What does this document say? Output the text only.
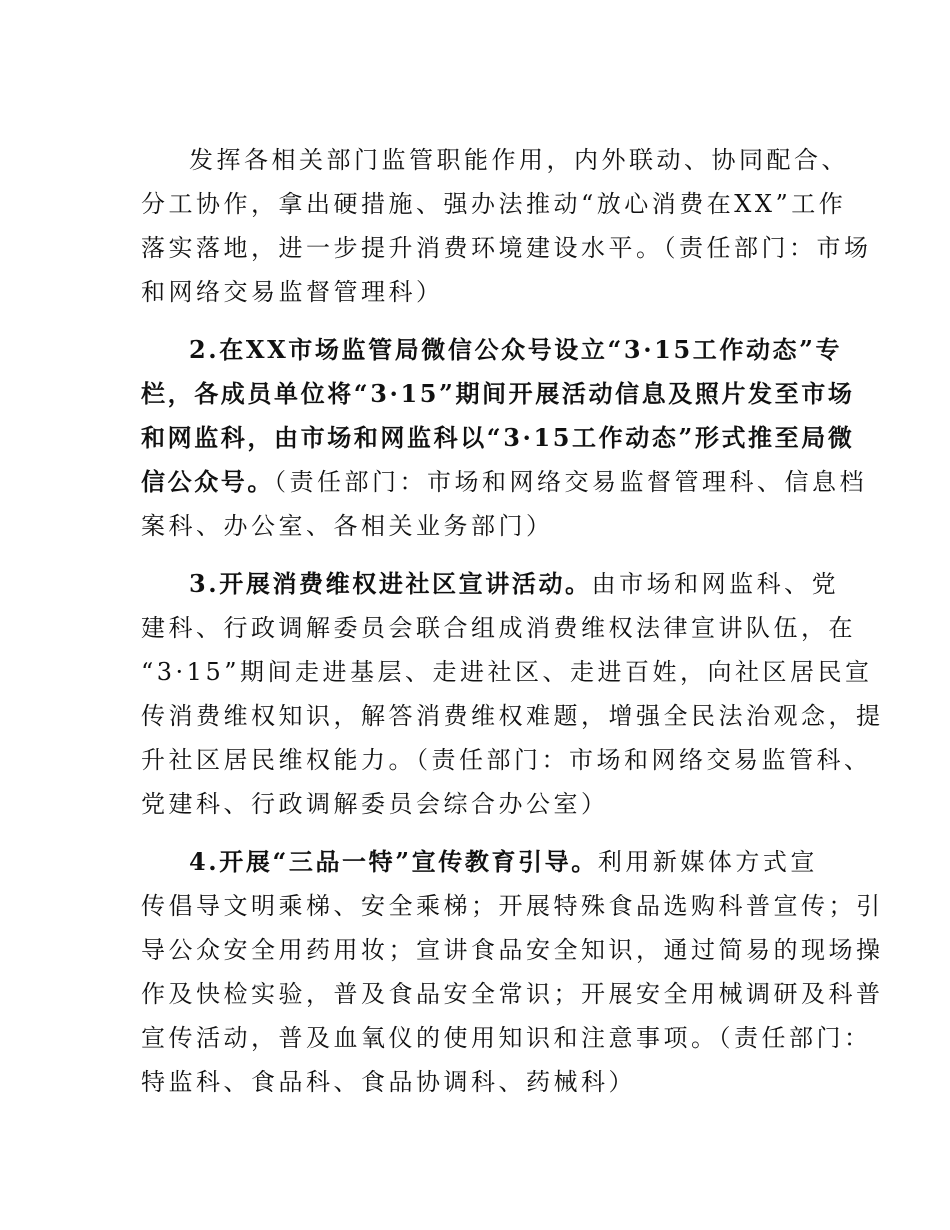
发挥各相关部门监管职能作用，内外联动、协同配合、
分工协作，拿出硬措施、强办法推动“放心消费在XX”工作
落实落地，进一步提升消费环境建设水平。（责任部门：市场
和网络交易监督管理科）
2.在XX市场监管局微信公众号设立“3·15工作动态”专
栏，各成员单位将“3·15”期间开展活动信息及照片发至市场
和网监科，由市场和网监科以“3·15工作动态”形式推至局微
信公众号。（责任部门：市场和网络交易监督管理科、信息档
案科、办公室、各相关业务部门）
3.开展消费维权进社区宣讲活动。由市场和网监科、党
建科、行政调解委员会联合组成消费维权法律宣讲队伍，在
“3·15”期间走进基层、走进社区、走进百姓，向社区居民宣
传消费维权知识，解答消费维权难题，增强全民法治观念，提
升社区居民维权能力。（责任部门：市场和网络交易监管科、
党建科、行政调解委员会综合办公室）
4.开展“三品一特”宣传教育引导。利用新媒体方式宣
传倡导文明乘梯、安全乘梯；开展特殊食品选购科普宣传；引
导公众安全用药用妆；宣讲食品安全知识，通过简易的现场操
作及快检实验，普及食品安全常识；开展安全用械调研及科普
宣传活动，普及血氧仪的使用知识和注意事项。（责任部门：
特监科、食品科、食品协调科、药械科）
